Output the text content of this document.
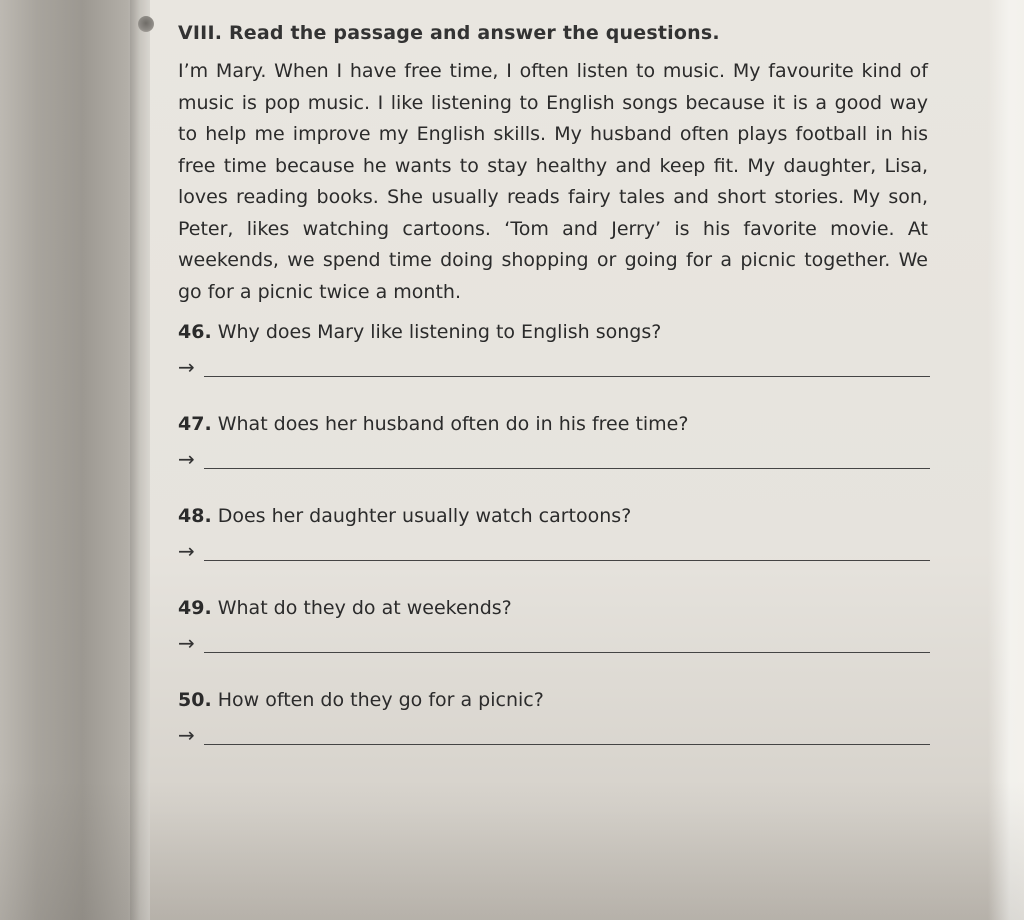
VIII. Read the passage and answer the questions.

I’m Mary. When I have free time, I often listen to music. My favourite kind of music is pop music. I like listening to English songs because it is a good way to help me improve my English skills. My husband often plays football in his free time because he wants to stay healthy and keep fit. My daughter, Lisa, loves reading books. She usually reads fairy tales and short stories. My son, Peter, likes watching cartoons. ‘Tom and Jerry’ is his favorite movie. At weekends, we spend time doing shopping or going for a picnic together. We go for a picnic twice a month.

46. Why does Mary like listening to English songs?
→
47. What does her husband often do in his free time?
→
48. Does her daughter usually watch cartoons?
→
49. What do they do at weekends?
→
50. How often do they go for a picnic?
→
